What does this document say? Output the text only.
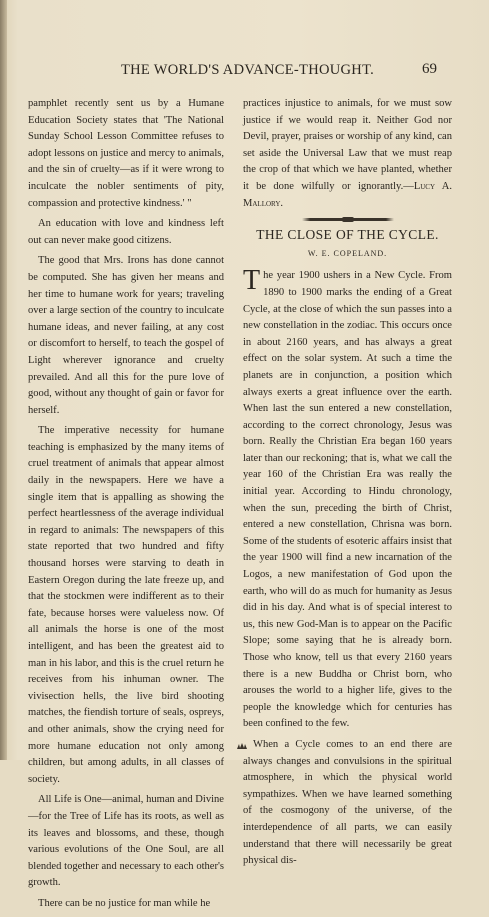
THE WORLD'S ADVANCE-THOUGHT.	69

pamphlet recently sent us by a Humane Education Society states that 'The National Sunday School Lesson Committee refuses to adopt lessons on justice and mercy to animals, and the sin of cruelty—as if it were wrong to inculcate the nobler sentiments of pity, compassion and protective kindness.' "

An education with love and kindness left out can never make good citizens.

The good that Mrs. Irons has done cannot be computed. She has given her means and her time to humane work for years; traveling over a large section of the country to inculcate humane ideas, and never failing, at any cost or discomfort to herself, to teach the gospel of Light wherever ignorance and cruelty prevailed. And all this for the pure love of good, without any thought of gain or favor for herself.

The imperative necessity for humane teaching is emphasized by the many items of cruel treatment of animals that appear almost daily in the newspapers. Here we have a single item that is appalling as showing the perfect heartlessness of the average individual in regard to animals: The newspapers of this state reported that two hundred and fifty thousand horses were starving to death in Eastern Oregon during the late freeze up, and that the stockmen were indifferent as to their fate, because horses were valueless now. Of all animals the horse is one of the most intelligent, and has been the greatest aid to man in his labor, and this is the cruel return he receives from his inhuman owner. The vivisection hells, the live bird shooting matches, the fiendish torture of seals, ospreys, and other animals, show the crying need for more humane education not only among children, but among adults, in all classes of society.

All Life is One—animal, human and Divine—for the Tree of Life has its roots, as well as its leaves and blossoms, and these, though various evolutions of the One Soul, are all blended together and necessary to each other's growth.

There can be no justice for man while he

practices injustice to animals, for we must sow justice if we would reap it. Neither God nor Devil, prayer, praises or worship of any kind, can set aside the Universal Law that we must reap the crop of that which we have planted, whether it be done wilfully or ignorantly.—Lucy A. Mallory.

THE CLOSE OF THE CYCLE.
W. E. COPELAND.

The year 1900 ushers in a New Cycle. From 1890 to 1900 marks the ending of a Great Cycle, at the close of which the sun passes into a new constellation in the zodiac. This occurs once in about 2160 years, and has always a great effect on the solar system. At such a time the planets are in conjunction, a position which always exerts a great influence over the earth. When last the sun entered a new constellation, according to the correct chronology, Jesus was born. Really the Christian Era began 160 years later than our reckoning; that is, what we call the year 160 of the Christian Era was really the initial year. According to Hindu chronology, when the sun, preceding the birth of Christ, entered a new constellation, Chrisna was born. Some of the students of esoteric affairs insist that the year 1900 will find a new incarnation of the Logos, a new manifestation of God upon the earth, who will do as much for humanity as Jesus did in his day. And what is of special interest to us, this new God-Man is to appear on the Pacific Slope; some saying that he is already born. Those who know, tell us that every 2160 years there is a new Buddha or Christ born, who arouses the world to a higher life, gives to the people the knowledge which for centuries has been confined to the few.

When a Cycle comes to an end there are always changes and convulsions in the spiritual atmosphere, in which the physical world sympathizes. When we have learned something of the cosmogony of the universe, of the interdependence of all parts, we can easily understand that there will necessarily be great physical dis-
